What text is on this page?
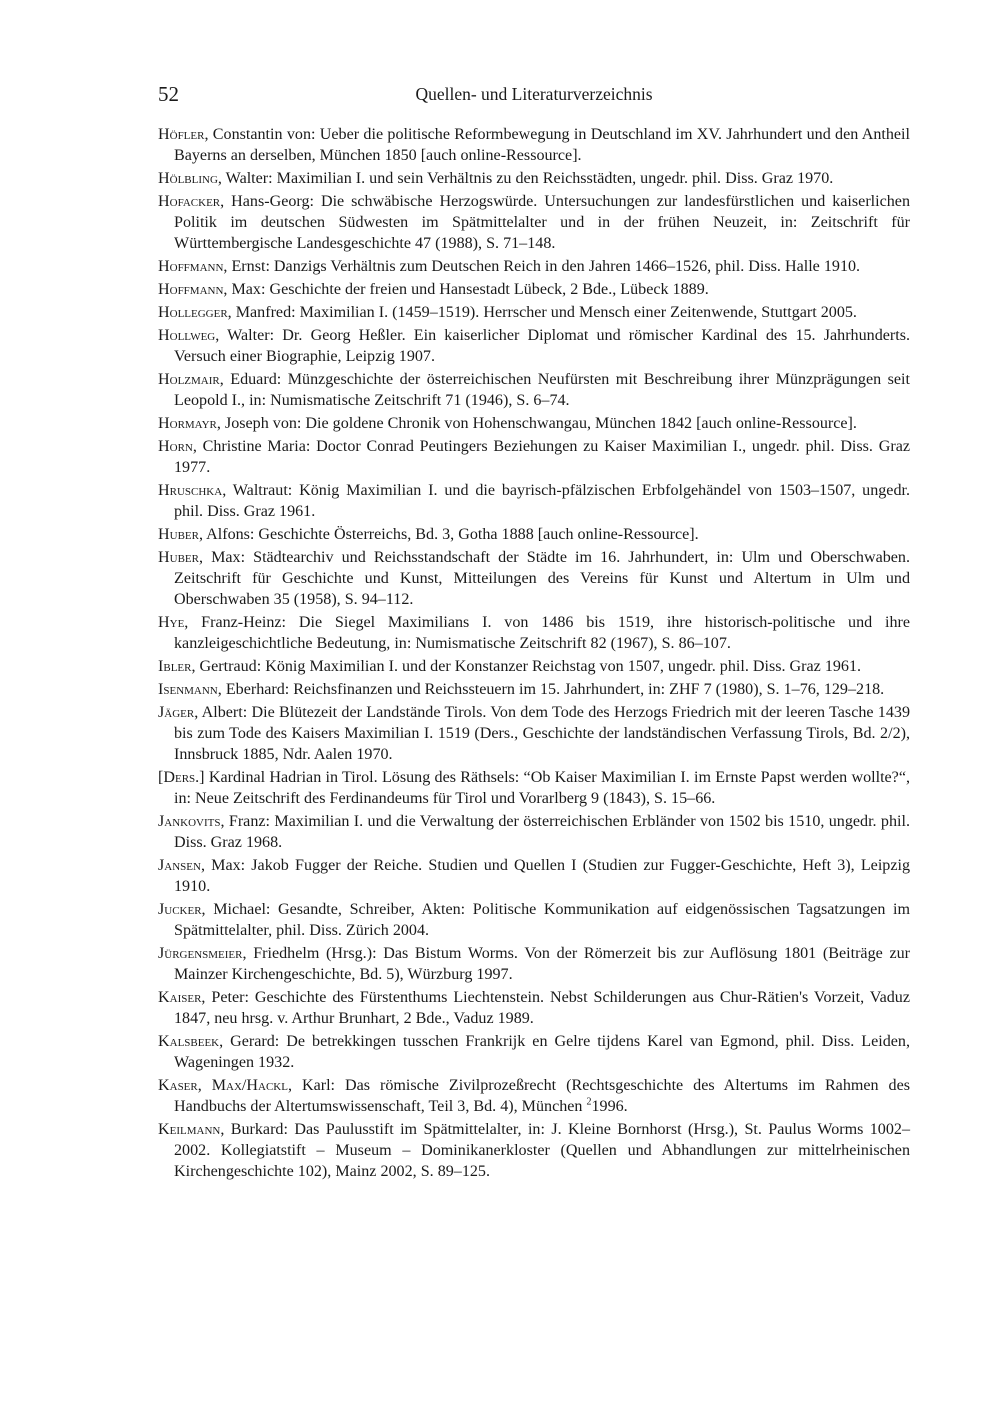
52	Quellen- und Literaturverzeichnis

Höfler, Constantin von: Ueber die politische Reformbewegung in Deutschland im XV. Jahrhundert und den Antheil Bayerns an derselben, München 1850 [auch online-Ressource].

Hölbling, Walter: Maximilian I. und sein Verhältnis zu den Reichsstädten, ungedr. phil. Diss. Graz 1970.

Hofacker, Hans-Georg: Die schwäbische Herzogswürde. Untersuchungen zur landesfürstlichen und kaiserlichen Politik im deutschen Südwesten im Spätmittelalter und in der frühen Neuzeit, in: Zeitschrift für Württembergische Landesgeschichte 47 (1988), S. 71–148.

Hoffmann, Ernst: Danzigs Verhältnis zum Deutschen Reich in den Jahren 1466–1526, phil. Diss. Halle 1910.

Hoffmann, Max: Geschichte der freien und Hansestadt Lübeck, 2 Bde., Lübeck 1889.

Hollegger, Manfred: Maximilian I. (1459–1519). Herrscher und Mensch einer Zeitenwende, Stuttgart 2005.

Hollweg, Walter: Dr. Georg Heßler. Ein kaiserlicher Diplomat und römischer Kardinal des 15. Jahrhunderts. Versuch einer Biographie, Leipzig 1907.

Holzmair, Eduard: Münzgeschichte der österreichischen Neufürsten mit Beschreibung ihrer Münzprägungen seit Leopold I., in: Numismatische Zeitschrift 71 (1946), S. 6–74.

Hormayr, Joseph von: Die goldene Chronik von Hohenschwangau, München 1842 [auch online-Ressource].

Horn, Christine Maria: Doctor Conrad Peutingers Beziehungen zu Kaiser Maximilian I., ungedr. phil. Diss. Graz 1977.

Hruschka, Waltraut: König Maximilian I. und die bayrisch-pfälzischen Erbfolgehändel von 1503–1507, ungedr. phil. Diss. Graz 1961.

Huber, Alfons: Geschichte Österreichs, Bd. 3, Gotha 1888 [auch online-Ressource].

Huber, Max: Städtearchiv und Reichsstandschaft der Städte im 16. Jahrhundert, in: Ulm und Oberschwaben. Zeitschrift für Geschichte und Kunst, Mitteilungen des Vereins für Kunst und Altertum in Ulm und Oberschwaben 35 (1958), S. 94–112.

Hye, Franz-Heinz: Die Siegel Maximilians I. von 1486 bis 1519, ihre historisch-politische und ihre kanzleigeschichtliche Bedeutung, in: Numismatische Zeitschrift 82 (1967), S. 86–107.

Ibler, Gertraud: König Maximilian I. und der Konstanzer Reichstag von 1507, ungedr. phil. Diss. Graz 1961.

Isenmann, Eberhard: Reichsfinanzen und Reichssteuern im 15. Jahrhundert, in: ZHF 7 (1980), S. 1–76, 129–218.

Jäger, Albert: Die Blütezeit der Landstände Tirols. Von dem Tode des Herzogs Friedrich mit der leeren Tasche 1439 bis zum Tode des Kaisers Maximilian I. 1519 (Ders., Geschichte der landständischen Verfassung Tirols, Bd. 2/2), Innsbruck 1885, Ndr. Aalen 1970.

[Ders.] Kardinal Hadrian in Tirol. Lösung des Räthsels: “Ob Kaiser Maximilian I. im Ernste Papst werden wollte?“, in: Neue Zeitschrift des Ferdinandeums für Tirol und Vorarlberg 9 (1843), S. 15–66.

Jankovits, Franz: Maximilian I. und die Verwaltung der österreichischen Erbländer von 1502 bis 1510, ungedr. phil. Diss. Graz 1968.

Jansen, Max: Jakob Fugger der Reiche. Studien und Quellen I (Studien zur Fugger-Geschichte, Heft 3), Leipzig 1910.

Jucker, Michael: Gesandte, Schreiber, Akten: Politische Kommunikation auf eidgenössischen Tagsatzungen im Spätmittelalter, phil. Diss. Zürich 2004.

Jürgensmeier, Friedhelm (Hrsg.): Das Bistum Worms. Von der Römerzeit bis zur Auflösung 1801 (Beiträge zur Mainzer Kirchengeschichte, Bd. 5), Würzburg 1997.

Kaiser, Peter: Geschichte des Fürstenthums Liechtenstein. Nebst Schilderungen aus Chur-Rätien's Vorzeit, Vaduz 1847, neu hrsg. v. Arthur Brunhart, 2 Bde., Vaduz 1989.

Kalsbeek, Gerard: De betrekkingen tusschen Frankrijk en Gelre tijdens Karel van Egmond, phil. Diss. Leiden, Wageningen 1932.

Kaser, Max/Hackl, Karl: Das römische Zivilprozeßrecht (Rechtsgeschichte des Altertums im Rahmen des Handbuchs der Altertumswissenschaft, Teil 3, Bd. 4), München $^2$1996.

Keilmann, Burkard: Das Paulusstift im Spätmittelalter, in: J. Kleine Bornhorst (Hrsg.), St. Paulus Worms 1002–2002. Kollegiatstift – Museum – Dominikanerkloster (Quellen und Abhandlungen zur mittelrheinischen Kirchengeschichte 102), Mainz 2002, S. 89–125.
